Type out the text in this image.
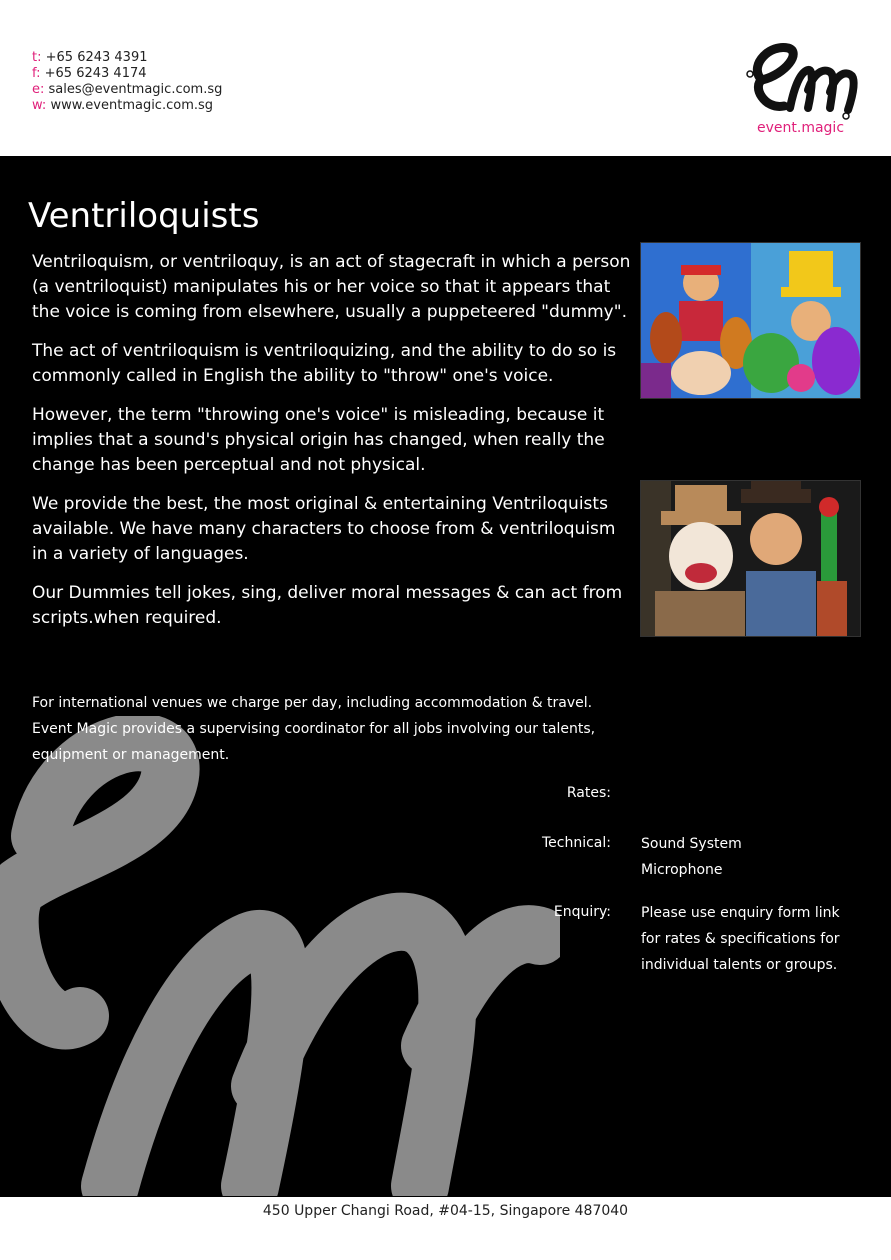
t: +65 6243 4391
f: +65 6243 4174
e: sales@eventmagic.com.sg
w: www.eventmagic.com.sg
event.magic
Ventriloquists

Ventriloquism, or ventriloquy, is an act of stagecraft in which a person (a ventriloquist) manipulates his or her voice so that it appears that the voice is coming from elsewhere, usually a puppeteered "dummy".

The act of ventriloquism is ventriloquizing, and the ability to do so is commonly called in English the ability to "throw" one's voice.

However, the term "throwing one's voice" is misleading, because it implies that a sound's physical origin has changed, when really the change has been perceptual and not physical.

We provide the best, the most original & entertaining Ventriloquists available. We have many characters to choose from & ventriloquism in a variety of languages.

Our Dummies tell jokes, sing, deliver moral messages & can act from scripts.when required.

For international venues we charge per day, including accommodation & travel.
Event Magic provides a supervising coordinator for all jobs involving our talents,
equipment or management.
Rates:
Technical: Sound System
Microphone
Enquiry: Please use enquiry form link
for rates & specifications for
individual talents or groups.
450 Upper Changi Road, #04-15, Singapore 487040
